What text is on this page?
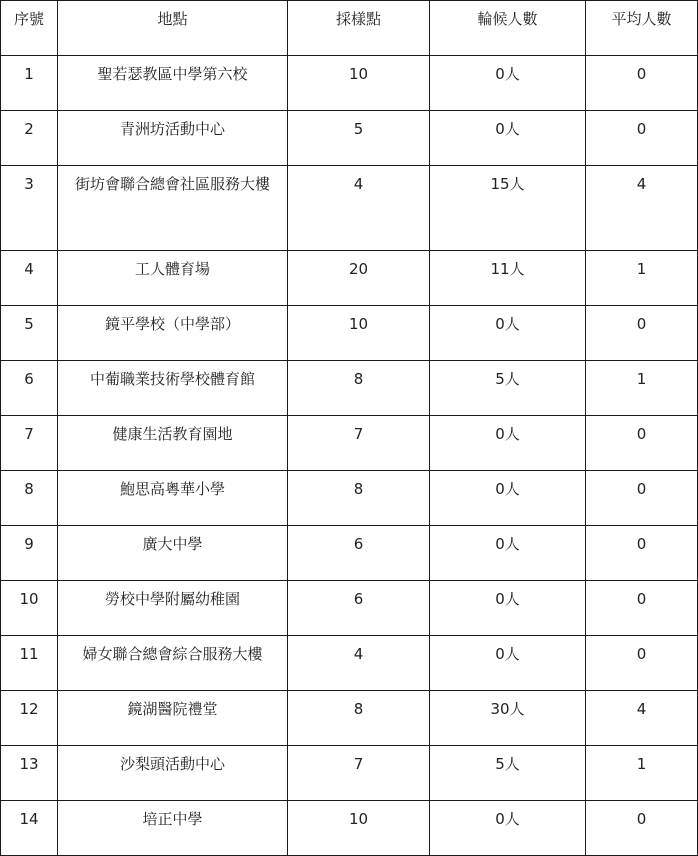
序號	地點	採樣點	輪候人數	平均人數
1	聖若瑟教區中學第六校	10	0人	0
2	青洲坊活動中心	5	0人	0
3	街坊會聯合總會社區服務大樓	4	15人	4
4	工人體育場	20	11人	1
5	鏡平學校（中學部）	10	0人	0
6	中葡職業技術學校體育館	8	5人	1
7	健康生活教育園地	7	0人	0
8	鮑思高粵華小學	8	0人	0
9	廣大中學	6	0人	0
10	勞校中學附屬幼稚園	6	0人	0
11	婦女聯合總會綜合服務大樓	4	0人	0
12	鏡湖醫院禮堂	8	30人	4
13	沙梨頭活動中心	7	5人	1
14	培正中學	10	0人	0
